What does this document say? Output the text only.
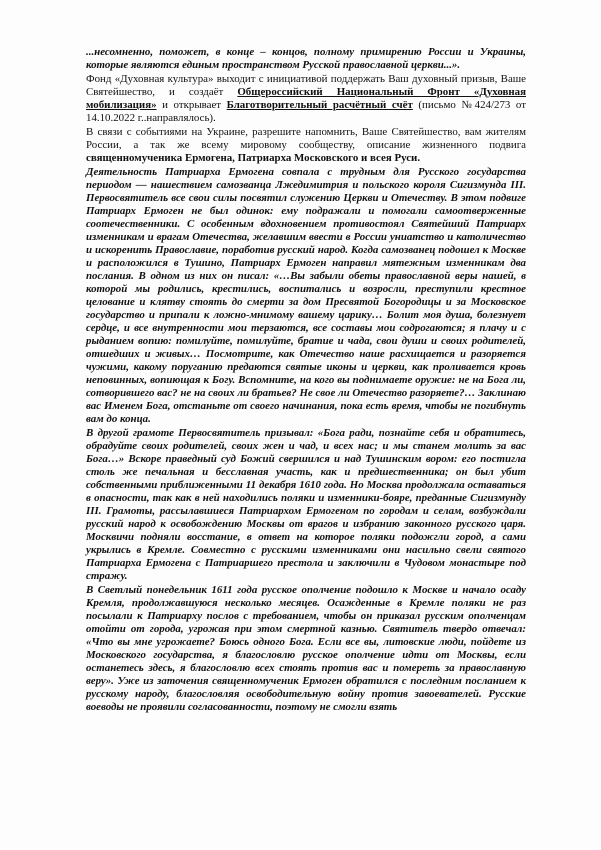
...несомненно, поможет, в конце – концов, полному примирению России и Украины, которые являются единым пространством Русской православной церкви...».

Фонд «Духовная культура» выходит с инициативой поддержать Ваш духовный призыв, Ваше Святейшество, и создаёт Общероссийский Национальный Фронт «Духовная мобилизация» и открывает Благотворительный расчётный счёт (письмо №424/273 от 14.10.2022 г..направлялось).

В связи с событиями на Украине, разрешите напомнить, Ваше Святейшество, вам жителям России, а так же всему мировому сообществу, описание жизненного подвига священномученика Ермогена, Патриарха Московского и всея Руси.

Деятельность Патриарха Ермогена совпала с трудным для Русского государства периодом — нашествием самозванца Лжедимитрия и польского короля Сигизмунда III. Первосвятитель все свои силы посвятил служению Церкви и Отечеству. В этом подвиге Патриарх Ермоген не был одинок: ему подражали и помогали самоотверженные соотечественники. С особенным вдохновением противостоял Святейший Патриарх изменникам и врагам Отечества, желавшим ввести в России униатство и католичество и искоренить Православие, поработив русский народ. Когда самозванец подошел к Москве и расположился в Тушино, Патриарх Ермоген направил мятежным изменникам два послания. В одном из них он писал: «…Вы забыли обеты православной веры нашей, в которой мы родились, крестились, воспитались и возросли, преступили крестное целование и клятву стоять до смерти за дом Пресвятой Богородицы и за Московское государство и припали к ложно-мнимому вашему царику… Болит моя душа, болезнует сердце, и все внутренности мои терзаются, все составы мои содрогаются; я плачу и с рыданием вопию: помилуйте, помилуйте, братие и чада, свои души и своих родителей, отшедших и живых… Посмотрите, как Отечество наше расхищается и разоряется чужими, какому поруганию предаются святые иконы и церкви, как проливается кровь неповинных, вопиющая к Богу. Вспомните, на кого вы поднимаете оружие: не на Бога ли, сотворившего вас? не на своих ли братьев? Не свое ли Отечество разоряете?… Заклинаю вас Именем Бога, отстаньте от своего начинания, пока есть время, чтобы не погибнуть вам до конца.

В другой грамоте Первосвятитель призывал: «Бога ради, познайте себя и обратитесь, обрадуйте своих родителей, своих жен и чад, и всех нас; и мы станем молить за вас Бога…» Вскоре праведный суд Божий свершился и над Тушинским вором: его постигла столь же печальная и бесславная участь, как и предшественника; он был убит собственными приближенными 11 декабря 1610 года. Но Москва продолжала оставаться в опасности, так как в ней находились поляки и изменники-бояре, преданные Сигизмунду III. Грамоты, рассылавшиеся Патриархом Ермогеном по городам и селам, возбуждали русский народ к освобождению Москвы от врагов и избранию законного русского царя. Москвичи подняли восстание, в ответ на которое поляки подожгли город, а сами укрылись в Кремле. Совместно с русскими изменниками они насильно свели святого Патриарха Ермогена с Патриаршего престола и заключили в Чудовом монастыре под стражу.

В Светлый понедельник 1611 года русское ополчение подошло к Москве и начало осаду Кремля, продолжавшуюся несколько месяцев. Осажденные в Кремле поляки не раз посылали к Патриарху послов с требованием, чтобы он приказал русским ополченцам отойти от города, угрожая при этом смертной казнью. Святитель твердо отвечал: «Что вы мне угрожаете? Боюсь одного Бога. Если все вы, литовские люди, пойдете из Московского государства, я благословлю русское ополчение идти от Москвы, если останетесь здесь, я благословлю всех стоять против вас и помереть за православную веру». Уже из заточения священномученик Ермоген обратился с последним посланием к русскому народу, благословляя освободительную войну против завоевателей. Русские воеводы не проявили согласованности, поэтому не смогли взять
